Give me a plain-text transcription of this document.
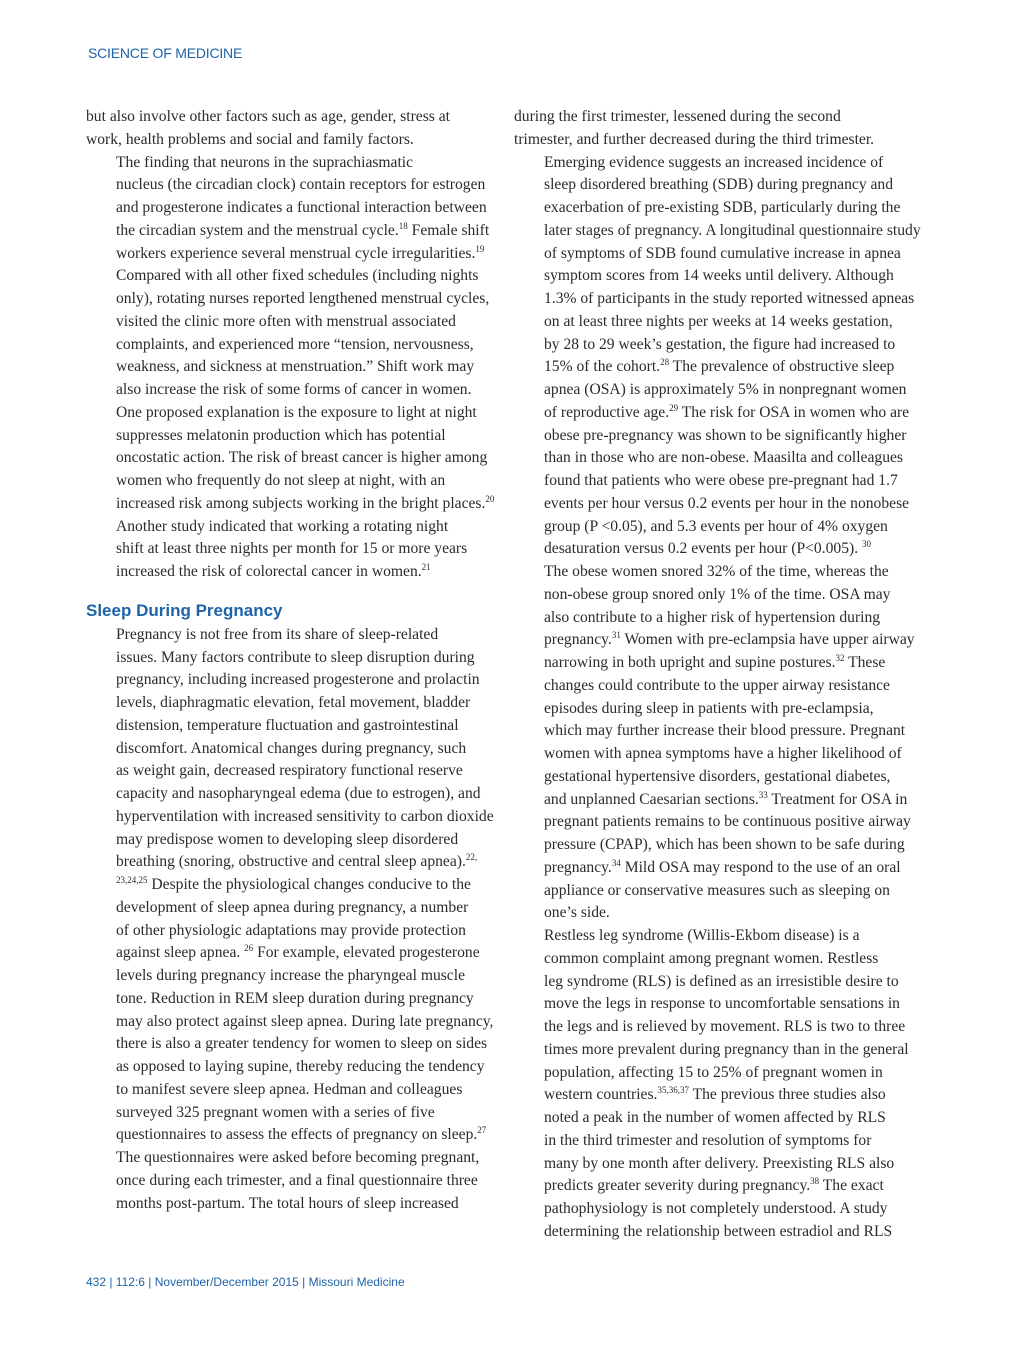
SCIENCE OF MEDICINE

but also involve other factors such as age, gender, stress at
work, health problems and social and family factors.

The finding that neurons in the suprachiasmatic
nucleus (the circadian clock) contain receptors for estrogen
and progesterone indicates a functional interaction between
the circadian system and the menstrual cycle.$^{18}$ Female shift
workers experience several menstrual cycle irregularities.$^{19}$
Compared with all other fixed schedules (including nights
only), rotating nurses reported lengthened menstrual cycles,
visited the clinic more often with menstrual associated
complaints, and experienced more “tension, nervousness,
weakness, and sickness at menstruation.” Shift work may
also increase the risk of some forms of cancer in women.
One proposed explanation is the exposure to light at night
suppresses melatonin production which has potential
oncostatic action. The risk of breast cancer is higher among
women who frequently do not sleep at night, with an
increased risk among subjects working in the bright places.$^{20}$
Another study indicated that working a rotating night
shift at least three nights per month for 15 or more years
increased the risk of colorectal cancer in women.$^{21}$

Sleep During Pregnancy

Pregnancy is not free from its share of sleep-related
issues. Many factors contribute to sleep disruption during
pregnancy, including increased progesterone and prolactin
levels, diaphragmatic elevation, fetal movement, bladder
distension, temperature fluctuation and gastrointestinal
discomfort. Anatomical changes during pregnancy, such
as weight gain, decreased respiratory functional reserve
capacity and nasopharyngeal edema (due to estrogen), and
hyperventilation with increased sensitivity to carbon dioxide
may predispose women to developing sleep disordered
breathing (snoring, obstructive and central sleep apnea).$^{22,}$
$^{23,24,25}$ Despite the physiological changes conducive to the
development of sleep apnea during pregnancy, a number
of other physiologic adaptations may provide protection
against sleep apnea. $^{26}$ For example, elevated progesterone
levels during pregnancy increase the pharyngeal muscle
tone. Reduction in REM sleep duration during pregnancy
may also protect against sleep apnea. During late pregnancy,
there is also a greater tendency for women to sleep on sides
as opposed to laying supine, thereby reducing the tendency
to manifest severe sleep apnea. Hedman and colleagues
surveyed 325 pregnant women with a series of five
questionnaires to assess the effects of pregnancy on sleep.$^{27}$
The questionnaires were asked before becoming pregnant,
once during each trimester, and a final questionnaire three
months post-partum. The total hours of sleep increased

during the first trimester, lessened during the second
trimester, and further decreased during the third trimester.

Emerging evidence suggests an increased incidence of
sleep disordered breathing (SDB) during pregnancy and
exacerbation of pre-existing SDB, particularly during the
later stages of pregnancy. A longitudinal questionnaire study
of symptoms of SDB found cumulative increase in apnea
symptom scores from 14 weeks until delivery. Although
1.3% of participants in the study reported witnessed apneas
on at least three nights per weeks at 14 weeks gestation,
by 28 to 29 week’s gestation, the figure had increased to
15% of the cohort.$^{28}$ The prevalence of obstructive sleep
apnea (OSA) is approximately 5% in nonpregnant women
of reproductive age.$^{29}$ The risk for OSA in women who are
obese pre-pregnancy was shown to be significantly higher
than in those who are non-obese. Maasilta and colleagues
found that patients who were obese pre-pregnant had 1.7
events per hour versus 0.2 events per hour in the nonobese
group (P <0.05), and 5.3 events per hour of 4% oxygen
desaturation versus 0.2 events per hour (P<0.005). $^{30}$
The obese women snored 32% of the time, whereas the
non-obese group snored only 1% of the time. OSA may
also contribute to a higher risk of hypertension during
pregnancy.$^{31}$ Women with pre-eclampsia have upper airway
narrowing in both upright and supine postures.$^{32}$ These
changes could contribute to the upper airway resistance
episodes during sleep in patients with pre-eclampsia,
which may further increase their blood pressure. Pregnant
women with apnea symptoms have a higher likelihood of
gestational hypertensive disorders, gestational diabetes,
and unplanned Caesarian sections.$^{33}$ Treatment for OSA in
pregnant patients remains to be continuous positive airway
pressure (CPAP), which has been shown to be safe during
pregnancy.$^{34}$ Mild OSA may respond to the use of an oral
appliance or conservative measures such as sleeping on
one’s side.

Restless leg syndrome (Willis-Ekbom disease) is a
common complaint among pregnant women. Restless
leg syndrome (RLS) is defined as an irresistible desire to
move the legs in response to uncomfortable sensations in
the legs and is relieved by movement. RLS is two to three
times more prevalent during pregnancy than in the general
population, affecting 15 to 25% of pregnant women in
western countries.$^{35,36,37}$ The previous three studies also
noted a peak in the number of women affected by RLS
in the third trimester and resolution of symptoms for
many by one month after delivery. Preexisting RLS also
predicts greater severity during pregnancy.$^{38}$ The exact
pathophysiology is not completely understood. A study
determining the relationship between estradiol and RLS

432 | 112:6 | November/December 2015 | Missouri Medicine
